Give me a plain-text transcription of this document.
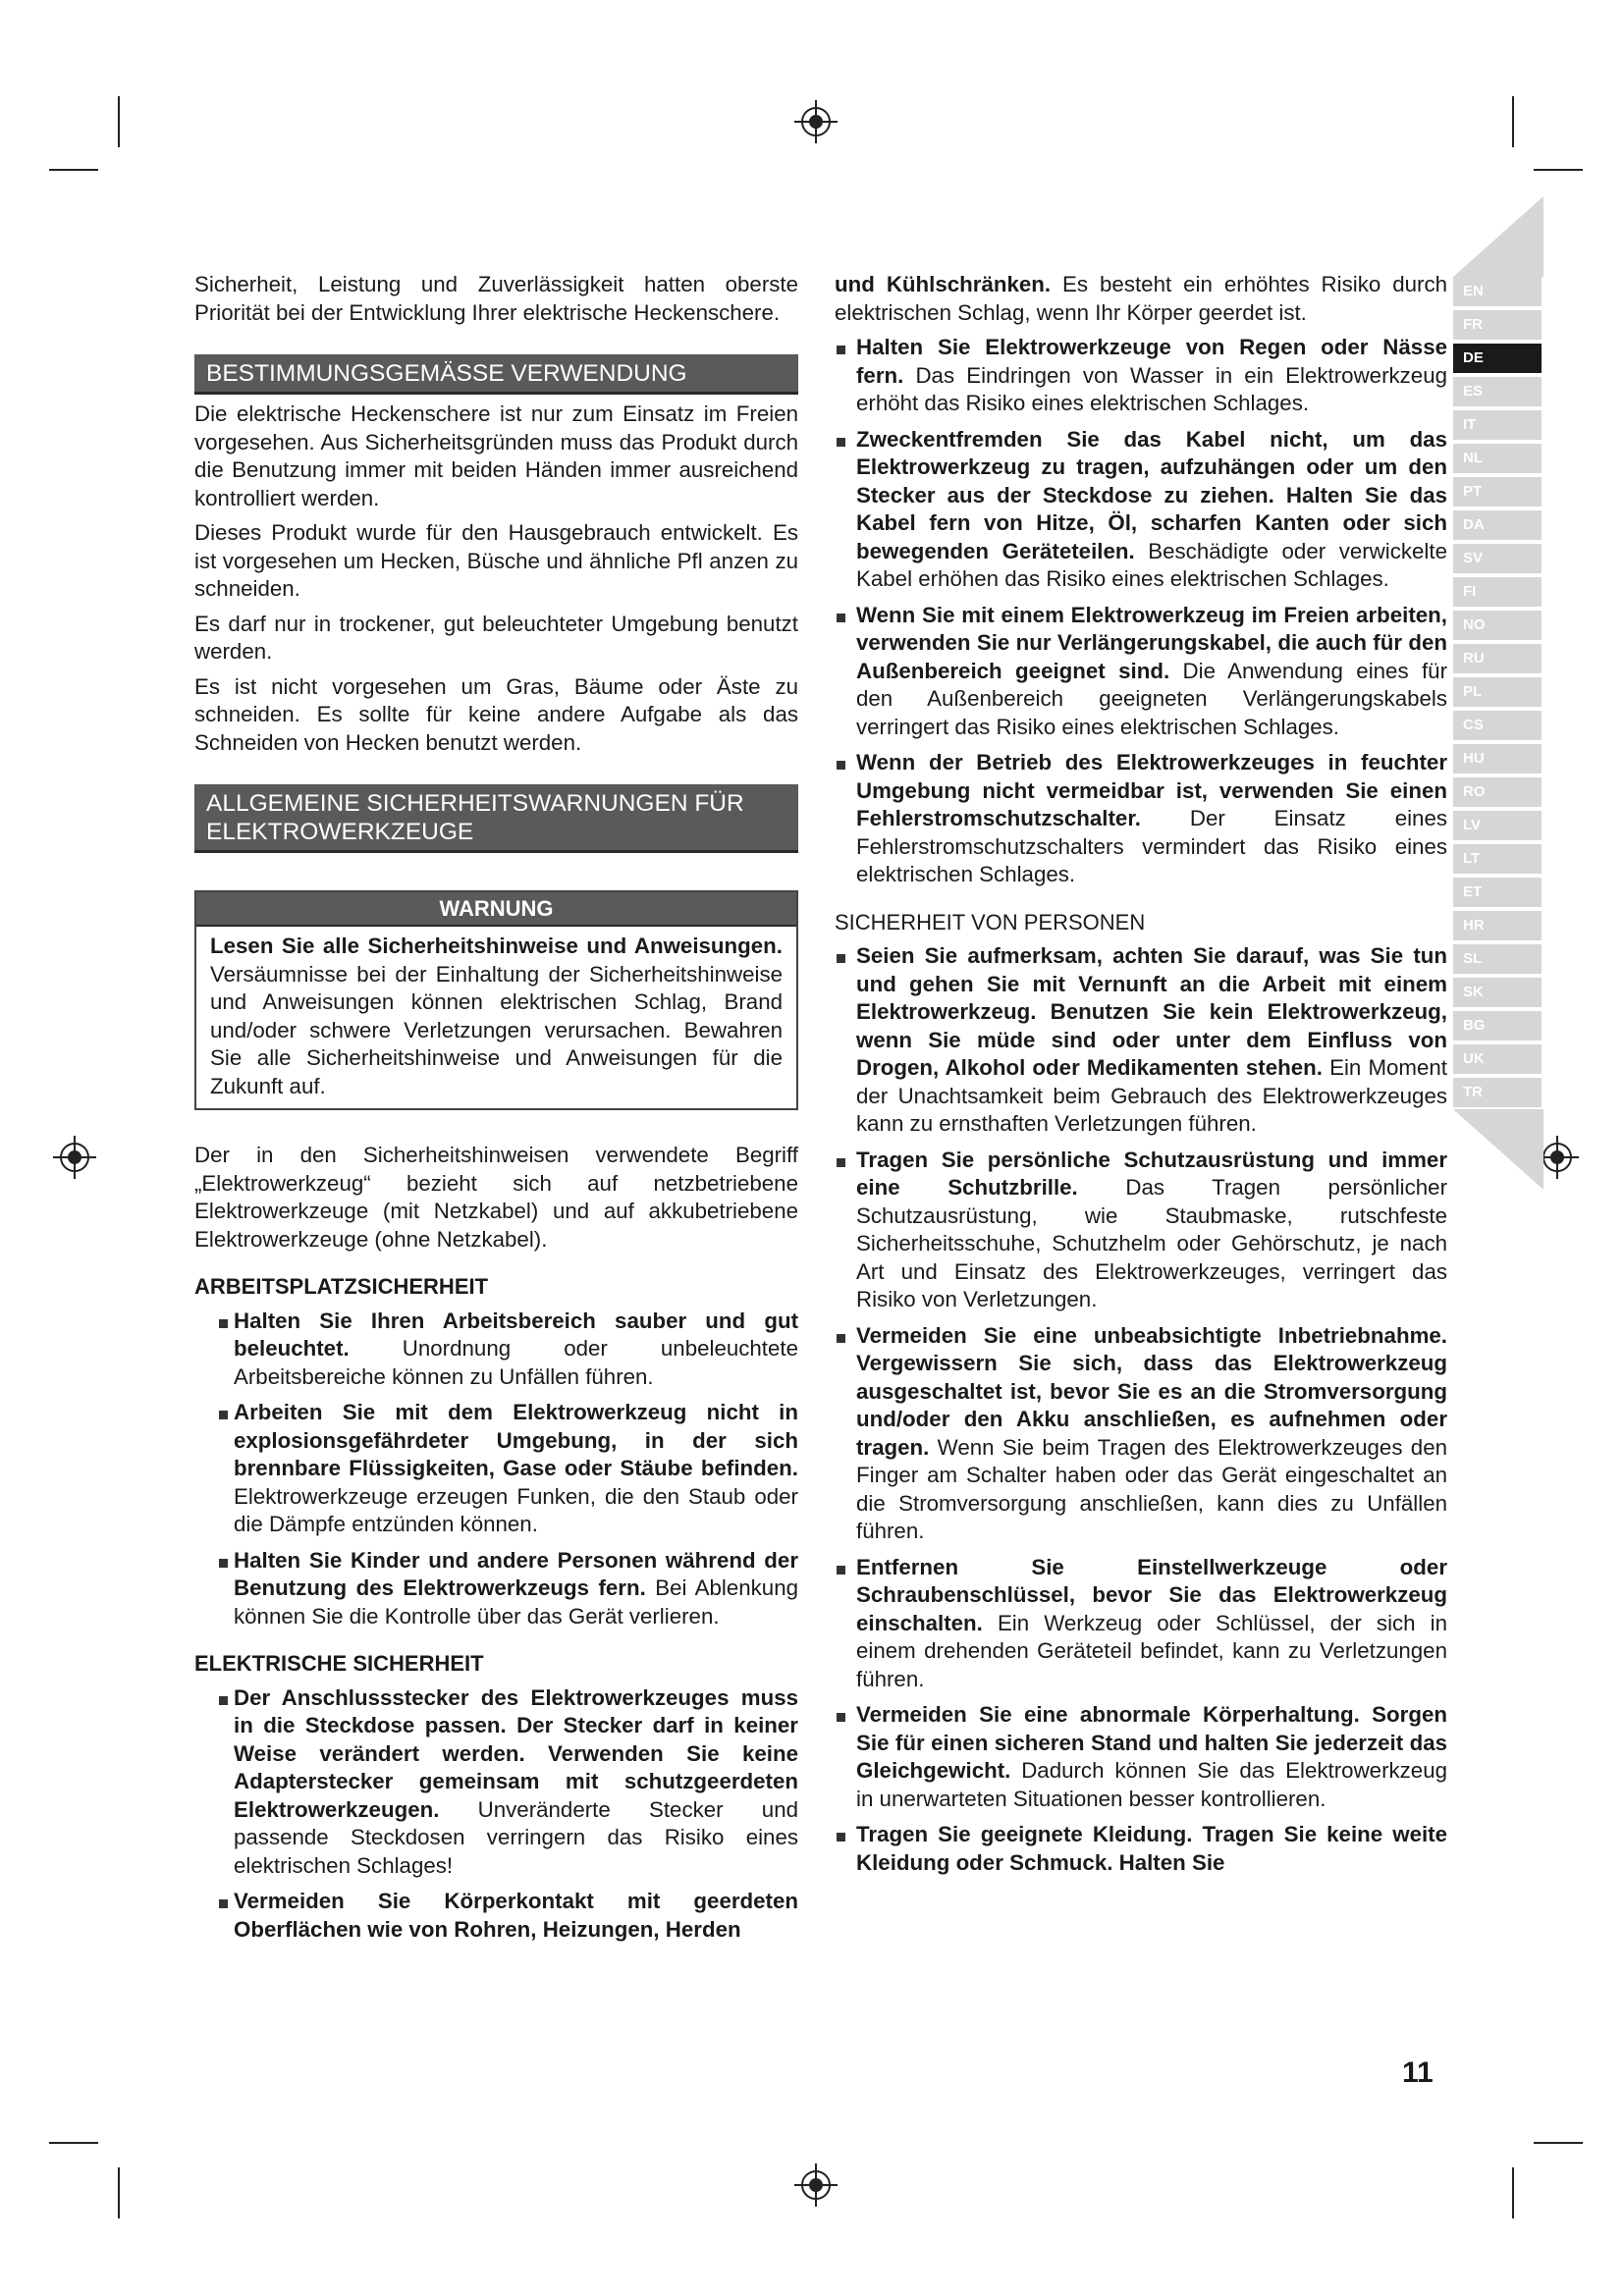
EN
FR
DE
ES
IT
NL
PT
DA
SV
FI
NO
RU
PL
CS
HU
RO
LV
LT
ET
HR
SL
SK
BG
UK
TR

Sicherheit, Leistung und Zuverlässigkeit hatten oberste Priorität bei der Entwicklung Ihrer elektrische Heckenschere.

BESTIMMUNGSGEMÄSSE VERWENDUNG

Die elektrische Heckenschere ist nur zum Einsatz im Freien vorgesehen. Aus Sicherheitsgründen muss das Produkt durch die Benutzung immer mit beiden Händen immer ausreichend kontrolliert werden.

Dieses Produkt wurde für den Hausgebrauch entwickelt. Es ist vorgesehen um Hecken, Büsche und ähnliche Pfl anzen zu schneiden.

Es darf nur in trockener, gut beleuchteter Umgebung benutzt werden.

Es ist nicht vorgesehen um Gras, Bäume oder Äste zu schneiden. Es sollte für keine andere Aufgabe als das Schneiden von Hecken benutzt werden.

ALLGEMEINE SICHERHEITSWARNUNGEN FÜR ELEKTROWERKZEUGE
WARNUNG
Lesen Sie alle Sicherheitshinweise und Anweisungen. Versäumnisse bei der Einhaltung der Sicherheitshinweise und Anweisungen können elektrischen Schlag, Brand und/oder schwere Verletzungen verursachen. Bewahren Sie alle Sicherheitshinweise und Anweisungen für die Zukunft auf.

Der in den Sicherheitshinweisen verwendete Begriff „Elektrowerkzeug“ bezieht sich auf netzbetriebene Elektrowerkzeuge (mit Netzkabel) und auf akkubetriebene Elektrowerkzeuge (ohne Netzkabel).

ARBEITSPLATZSICHERHEIT
Halten Sie Ihren Arbeitsbereich sauber und gut beleuchtet. Unordnung oder unbeleuchtete Arbeitsbereiche können zu Unfällen führen.
Arbeiten Sie mit dem Elektrowerkzeug nicht in explosionsgefährdeter Umgebung, in der sich brennbare Flüssigkeiten, Gase oder Stäube befinden. Elektrowerkzeuge erzeugen Funken, die den Staub oder die Dämpfe entzünden können.
Halten Sie Kinder und andere Personen während der Benutzung des Elektrowerkzeugs fern. Bei Ablenkung können Sie die Kontrolle über das Gerät verlieren.
ELEKTRISCHE SICHERHEIT
Der Anschlussstecker des Elektrowerkzeuges muss in die Steckdose passen. Der Stecker darf in keiner Weise verändert werden. Verwenden Sie keine Adapterstecker gemeinsam mit schutzgeerdeten Elektrowerkzeugen. Unveränderte Stecker und passende Steckdosen verringern das Risiko eines elektrischen Schlages!
Vermeiden Sie Körperkontakt mit geerdeten Oberflächen wie von Rohren, Heizungen, Herden

und Kühlschränken. Es besteht ein erhöhtes Risiko durch elektrischen Schlag, wenn Ihr Körper geerdet ist.

Halten Sie Elektrowerkzeuge von Regen oder Nässe fern. Das Eindringen von Wasser in ein Elektrowerkzeug erhöht das Risiko eines elektrischen Schlages.
Zweckentfremden Sie das Kabel nicht, um das Elektrowerkzeug zu tragen, aufzuhängen oder um den Stecker aus der Steckdose zu ziehen. Halten Sie das Kabel fern von Hitze, Öl, scharfen Kanten oder sich bewegenden Geräteteilen. Beschädigte oder verwickelte Kabel erhöhen das Risiko eines elektrischen Schlages.
Wenn Sie mit einem Elektrowerkzeug im Freien arbeiten, verwenden Sie nur Verlängerungskabel, die auch für den Außenbereich geeignet sind. Die Anwendung eines für den Außenbereich geeigneten Verlängerungskabels verringert das Risiko eines elektrischen Schlages.
Wenn der Betrieb des Elektrowerkzeuges in feuchter Umgebung nicht vermeidbar ist, verwenden Sie einen Fehlerstromschutzschalter. Der Einsatz eines Fehlerstromschutzschalters vermindert das Risiko eines elektrischen Schlages.
SICHERHEIT VON PERSONEN
Seien Sie aufmerksam, achten Sie darauf, was Sie tun und gehen Sie mit Vernunft an die Arbeit mit einem Elektrowerkzeug. Benutzen Sie kein Elektrowerkzeug, wenn Sie müde sind oder unter dem Einfluss von Drogen, Alkohol oder Medikamenten stehen. Ein Moment der Unachtsamkeit beim Gebrauch des Elektrowerkzeuges kann zu ernsthaften Verletzungen führen.
Tragen Sie persönliche Schutzausrüstung und immer eine Schutzbrille. Das Tragen persönlicher Schutzausrüstung, wie Staubmaske, rutschfeste Sicherheitsschuhe, Schutzhelm oder Gehörschutz, je nach Art und Einsatz des Elektrowerkzeuges, verringert das Risiko von Verletzungen.
Vermeiden Sie eine unbeabsichtigte Inbetriebnahme. Vergewissern Sie sich, dass das Elektrowerkzeug ausgeschaltet ist, bevor Sie es an die Stromversorgung und/oder den Akku anschließen, es aufnehmen oder tragen. Wenn Sie beim Tragen des Elektrowerkzeuges den Finger am Schalter haben oder das Gerät eingeschaltet an die Stromversorgung anschließen, kann dies zu Unfällen führen.
Entfernen Sie Einstellwerkzeuge oder Schraubenschlüssel, bevor Sie das Elektrowerkzeug einschalten. Ein Werkzeug oder Schlüssel, der sich in einem drehenden Geräteteil befindet, kann zu Verletzungen führen.
Vermeiden Sie eine abnormale Körperhaltung. Sorgen Sie für einen sicheren Stand und halten Sie jederzeit das Gleichgewicht. Dadurch können Sie das Elektrowerkzeug in unerwarteten Situationen besser kontrollieren.
Tragen Sie geeignete Kleidung. Tragen Sie keine weite Kleidung oder Schmuck. Halten Sie
11
